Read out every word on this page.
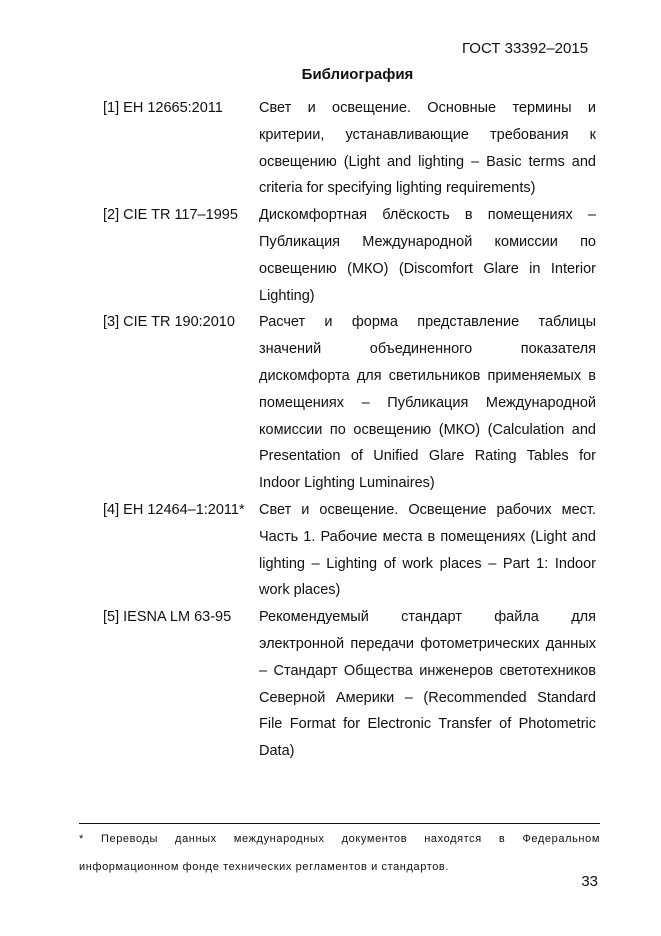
ГОСТ 33392–2015
Библиография
[1] ЕН 12665:2011	Свет и освещение. Основные термины и критерии, устанавливающие требования к освещению (Light and lighting – Basic terms and criteria for specifying lighting requirements)
[2] CIE TR 117–1995	Дискомфортная блёскость в помещениях – Публикация Международной комиссии по освещению (МКО) (Discomfort Glare in Interior Lighting)
[3] CIE TR 190:2010	Расчет и форма представление таблицы значений объединенного показателя дискомфорта для светильников применяемых в помещениях – Публикация Международной комиссии по освещению (МКО) (Calculation and Presentation of Unified Glare Rating Tables for Indoor Lighting Luminaires)
[4] ЕН 12464–1:2011* Свет и освещение. Освещение рабочих мест. Часть 1. Рабочие места в помещениях (Light and lighting – Lighting of work places – Part 1: Indoor work places)
[5] IESNA LM 63-95	Рекомендуемый стандарт файла для электронной передачи фотометрических данных – Стандарт Общества инженеров светотехников Северной Америки – (Recommended Standard File Format for Electronic Transfer of Photometric Data)
* Переводы данных международных документов находятся в Федеральном информационном фонде технических регламентов и стандартов.
33
